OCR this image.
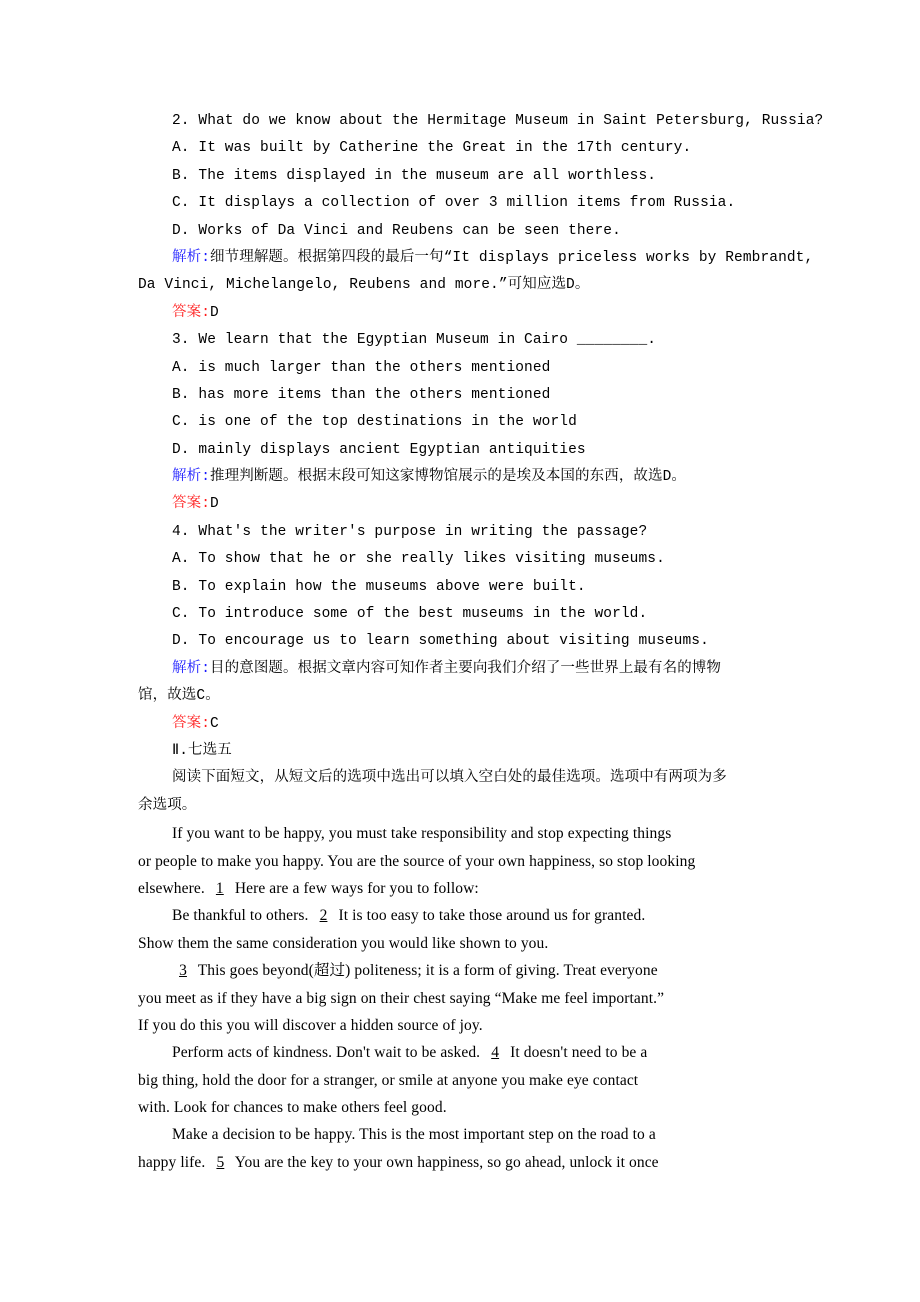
2. What do we know about the Hermitage Museum in Saint Petersburg, Russia?
A. It was built by Catherine the Great in the 17th century.
B. The items displayed in the museum are all worthless.
C. It displays a collection of over 3 million items from Russia.
D. Works of Da Vinci and Reubens can be seen there.
解析:细节理解题。根据第四段的最后一句“It displays priceless works by Rembrandt,
Da Vinci, Michelangelo, Reubens and more.”可知应选D。
答案:D
3. We learn that the Egyptian Museum in Cairo ________.
A. is much larger than the others mentioned
B. has more items than the others mentioned
C. is one of the top destinations in the world
D. mainly displays ancient Egyptian antiquities
解析:推理判断题。根据末段可知这家博物馆展示的是埃及本国的东西，故选D。
答案:D
4. What's the writer's purpose in writing the passage?
A. To show that he or she really likes visiting museums.
B. To explain how the museums above were built.
C. To introduce some of the best museums in the world.
D. To encourage us to learn something about visiting museums.
解析:目的意图题。根据文章内容可知作者主要向我们介绍了一些世界上最有名的博物
馆，故选C。
答案:C
Ⅱ.七选五
阅读下面短文，从短文后的选项中选出可以填入空白处的最佳选项。选项中有两项为多
余选项。
If you want to be happy, you must take responsibility and stop expecting things
or people to make you happy. You are the source of your own happiness, so stop looking
elsewhere. 1 Here are a few ways for you to follow:
Be thankful to others. 2 It is too easy to take those around us for granted.
Show them the same consideration you would like shown to you.
3 This goes beyond(超过) politeness; it is a form of giving. Treat everyone
you meet as if they have a big sign on their chest saying “Make me feel important.”
If you do this you will discover a hidden source of joy.
Perform acts of kindness. Don't wait to be asked. 4 It doesn't need to be a
big thing, hold the door for a stranger, or smile at anyone you make eye contact
with. Look for chances to make others feel good.
Make a decision to be happy. This is the most important step on the road to a
happy life. 5 You are the key to your own happiness, so go ahead, unlock it once
